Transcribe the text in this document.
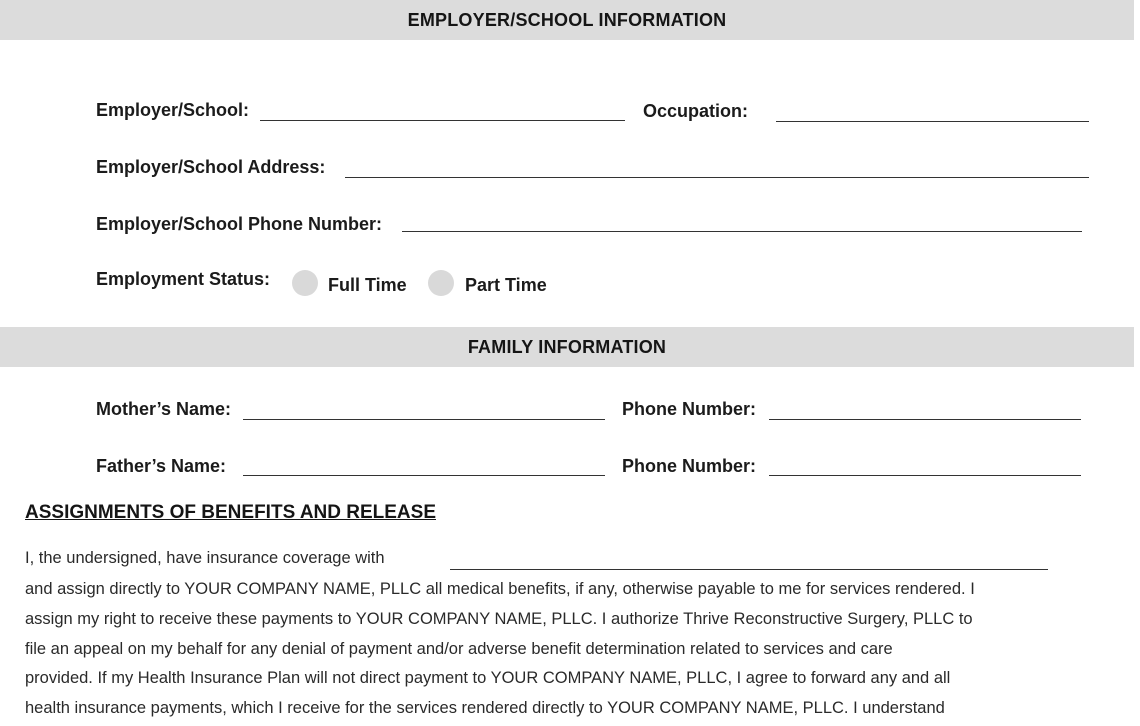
EMPLOYER/SCHOOL INFORMATION
Employer/School:	Occupation:
Employer/School Address:
Employer/School Phone Number:
Employment Status:	Full Time	Part Time
FAMILY INFORMATION
Mother’s Name:	Phone Number:
Father’s Name:	Phone Number:
ASSIGNMENTS OF BENEFITS AND RELEASE
I, the undersigned, have insurance coverage with
and assign directly to YOUR COMPANY NAME, PLLC all medical benefits, if any, otherwise payable to me for services rendered. I
assign my right to receive these payments to YOUR COMPANY NAME, PLLC. I authorize Thrive Reconstructive Surgery, PLLC to
file an appeal on my behalf for any denial of payment and/or adverse benefit determination related to services and care
provided. If my Health Insurance Plan will not direct payment to YOUR COMPANY NAME, PLLC, I agree to forward any and all
health insurance payments, which I receive for the services rendered directly to YOUR COMPANY NAME, PLLC. I understand
